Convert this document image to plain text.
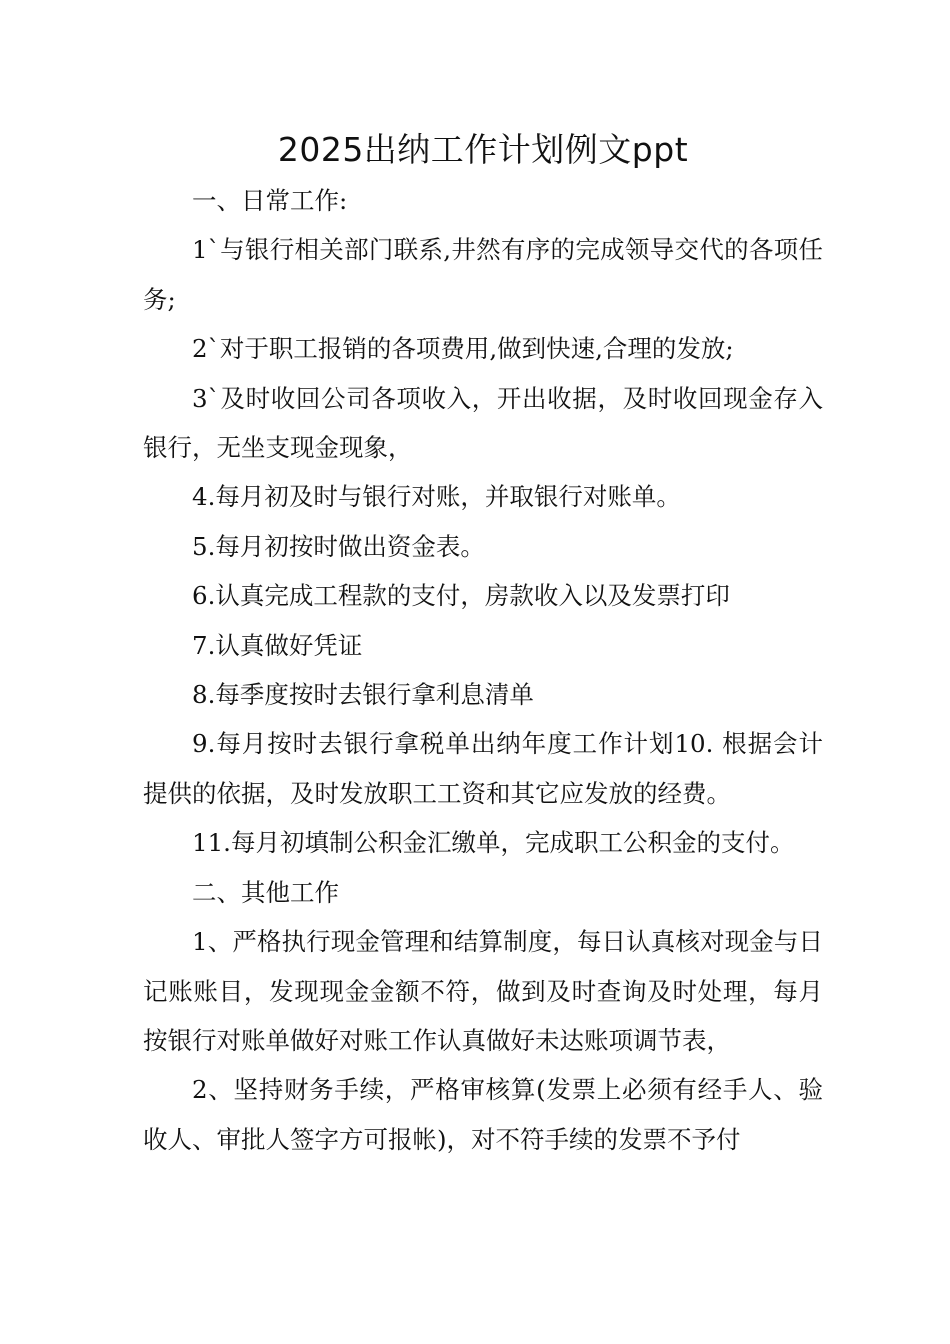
2025出纳工作计划例文ppt

一、日常工作:

1`与银行相关部门联系,井然有序的完成领导交代的各项任务;

2`对于职工报销的各项费用,做到快速,合理的发放;

3`及时收回公司各项收入，开出收据，及时收回现金存入银行，无坐支现金现象，

4.每月初及时与银行对账，并取银行对账单。

5.每月初按时做出资金表。

6.认真完成工程款的支付，房款收入以及发票打印

7.认真做好凭证

8.每季度按时去银行拿利息清单

9.每月按时去银行拿税单出纳年度工作计划10. 根据会计提供的依据，及时发放职工工资和其它应发放的经费。

11.每月初填制公积金汇缴单，完成职工公积金的支付。

二、其他工作

1、严格执行现金管理和结算制度，每日认真核对现金与日记账账目，发现现金金额不符，做到及时查询及时处理，每月按银行对账单做好对账工作认真做好未达账项调节表，

2、坚持财务手续，严格审核算(发票上必须有经手人、验收人、审批人签字方可报帐)，对不符手续的发票不予付
